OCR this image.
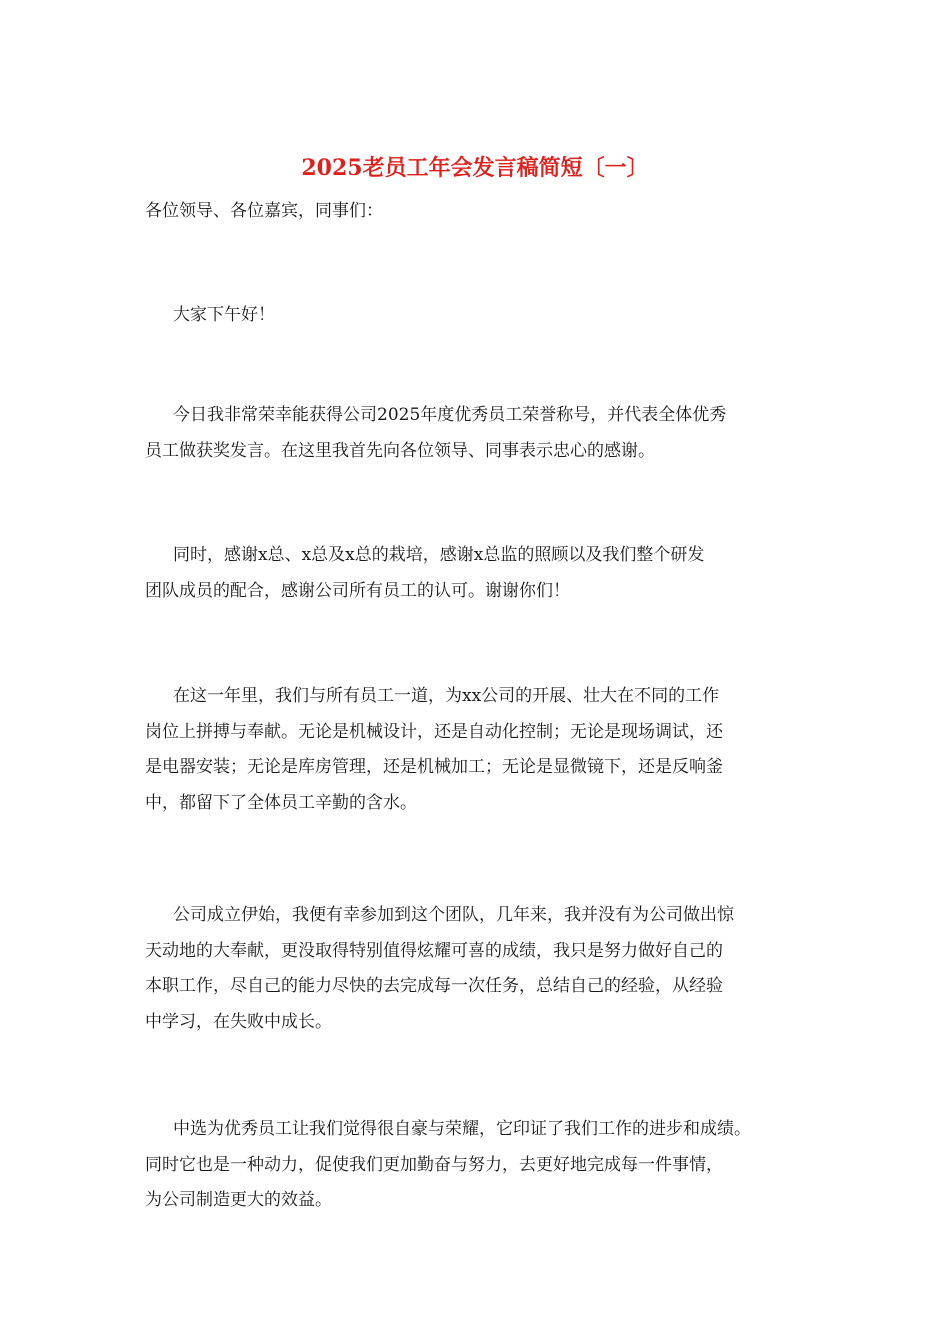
2025老员工年会发言稿简短〔一〕

各位领导、各位嘉宾，同事们：

大家下午好！
今日我非常荣幸能获得公司2025年度优秀员工荣誉称号，并代表全体优秀
员工做获奖发言。在这里我首先向各位领导、同事表示忠心的感谢。
同时，感谢x总、x总及x总的栽培，感谢x总监的照顾以及我们整个研发
团队成员的配合，感谢公司所有员工的认可。谢谢你们！
在这一年里，我们与所有员工一道，为xx公司的开展、壮大在不同的工作
岗位上拼搏与奉献。无论是机械设计，还是自动化控制；无论是现场调试，还
是电器安装；无论是库房管理，还是机械加工；无论是显微镜下，还是反响釜
中，都留下了全体员工辛勤的含水。
公司成立伊始，我便有幸参加到这个团队，几年来，我并没有为公司做出惊
天动地的大奉献，更没取得特别值得炫耀可喜的成绩，我只是努力做好自己的
本职工作，尽自己的能力尽快的去完成每一次任务，总结自己的经验，从经验
中学习，在失败中成长。
中选为优秀员工让我们觉得很自豪与荣耀，它印证了我们工作的进步和成绩。
同时它也是一种动力，促使我们更加勤奋与努力，去更好地完成每一件事情，
为公司制造更大的效益。
